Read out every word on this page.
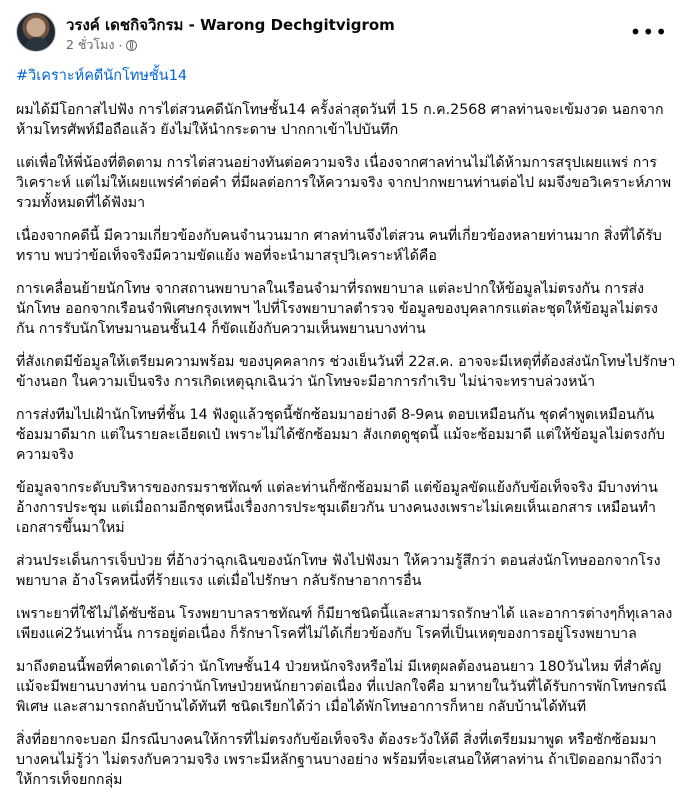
วรงค์ เดชกิจวิกรม - Warong Dechgitvigrom
2 ชั่วโมง ·
•••
#วิเคราะห์คดีนักโทษชั้น14

ผมได้มีโอกาสไปฟัง การไต่สวนคดีนักโทษชั้น14 ครั้งล่าสุดวันที่ 15 ก.ค.2568 ศาลท่านจะเข้มงวด นอกจาก ห้ามโทรศัพท์มือถือแล้ว ยังไม่ให้นำกระดาษ ปากกาเข้าไปบันทึก

แต่เพื่อให้พี่น้องที่ติดตาม การไต่สวนอย่างทันต่อความจริง เนื่องจากศาลท่านไม่ได้ห้ามการสรุปเผยแพร่ การวิเคราะห์ แต่ไม่ให้เผยแพร่คำต่อคำ ที่มีผลต่อการให้ความจริง จากปากพยานท่านต่อไป ผมจึงขอวิเคราะห์ภาพรวมทั้งหมดที่ได้ฟังมา

เนื่องจากคดีนี้ มีความเกี่ยวข้องกับคนจำนวนมาก ศาลท่านจึงไต่สวน คนที่เกี่ยวข้องหลายท่านมาก สิ่งที่ได้รับทราบ พบว่าข้อเท็จจริงมีความขัดแย้ง พอที่จะนำมาสรุปวิเคราะห์ได้คือ

การเคลื่อนย้ายนักโทษ จากสถานพยาบาลในเรือนจำมาที่รถพยาบาล แต่ละปากให้ข้อมูลไม่ตรงกัน การส่งนักโทษ ออกจากเรือนจำพิเศษกรุงเทพฯ ไปที่โรงพยาบาลตำรวจ ข้อมูลของบุคลากรแต่ละชุดให้ข้อมูลไม่ตรงกัน การรับนักโทษมานอนชั้น14 ก็ขัดแย้งกับความเห็นพยานบางท่าน

ที่สังเกตมีข้อมูลให้เตรียมความพร้อม ของบุคคลากร ช่วงเย็นวันที่ 22ส.ค. อาจจะมีเหตุที่ต้องส่งนักโทษไปรักษาข้างนอก ในความเป็นจริง การเกิดเหตุฉุกเฉินว่า นักโทษจะมีอาการกำเริบ ไม่น่าจะทราบล่วงหน้า

การส่งทีมไปเฝ้านักโทษที่ชั้น 14 ฟังดูแล้วชุดนี้ซักซ้อมมาอย่างดี 8-9คน ตอบเหมือนกัน ชุดคำพูดเหมือนกัน ซ้อมมาดีมาก แต่ในรายละเอียดเป๋ เพราะไม่ได้ซักซ้อมมา สังเกตดูชุดนี้ แม้จะซ้อมมาดี แต่ให้ข้อมูลไม่ตรงกับความจริง

ข้อมูลจากระดับบริหารของกรมราชทัณฑ์ แต่ละท่านก็ซักซ้อมมาดี แต่ข้อมูลขัดแย้งกับข้อเท็จจริง มีบางท่านอ้างการประชุม แต่เมื่อถามอีกชุดหนึ่งเรื่องการประชุมเดียวกัน บางคนงงเพราะไม่เคยเห็นเอกสาร เหมือนทำเอกสารขึ้นมาใหม่

ส่วนประเด็นการเจ็บป่วย ที่อ้างว่าฉุกเฉินของนักโทษ ฟังไปฟังมา ให้ความรู้สึกว่า ตอนส่งนักโทษออกจากโรงพยาบาล อ้างโรคหนึ่งที่ร้ายแรง แต่เมื่อไปรักษา กลับรักษาอาการอื่น

เพราะยาที่ใช้ไม่ได้ซับซ้อน โรงพยาบาลราชทัณฑ์ ก็มียาชนิดนี้และสามารถรักษาได้ และอาการต่างๆก็ทุเลาลงเพียงแค่2วันเท่านั้น การอยู่ต่อเนื่อง ก็รักษาโรคที่ไม่ได้เกี่ยวข้องกับ โรคที่เป็นเหตุของการอยู่โรงพยาบาล

มาถึงตอนนี้พอที่คาดเดาได้ว่า นักโทษชั้น14 ป่วยหนักจริงหรือไม่ มีเหตุผลต้องนอนยาว 180วันไหม ที่สำคัญ แม้จะมีพยานบางท่าน บอกว่านักโทษป่วยหนักยาวต่อเนื่อง ที่แปลกใจคือ มาหายในวันที่ได้รับการพักโทษกรณีพิเศษ และสามารถกลับบ้านได้ทันที ชนิดเรียกได้ว่า เมื่อได้พักโทษอาการก็หาย กลับบ้านได้ทันที

สิ่งที่อยากจะบอก มีกรณีบางคนให้การที่ไม่ตรงกับข้อเท็จจริง ต้องระวังให้ดี สิ่งที่เตรียมมาพูด หรือซักซ้อมมา บางคนไม่รู้ว่า ไม่ตรงกับความจริง เพราะมีหลักฐานบางอย่าง พร้อมที่จะเสนอให้ศาลท่าน ถ้าเปิดออกมาถึงว่าให้การเท็จยกกลุ่ม
